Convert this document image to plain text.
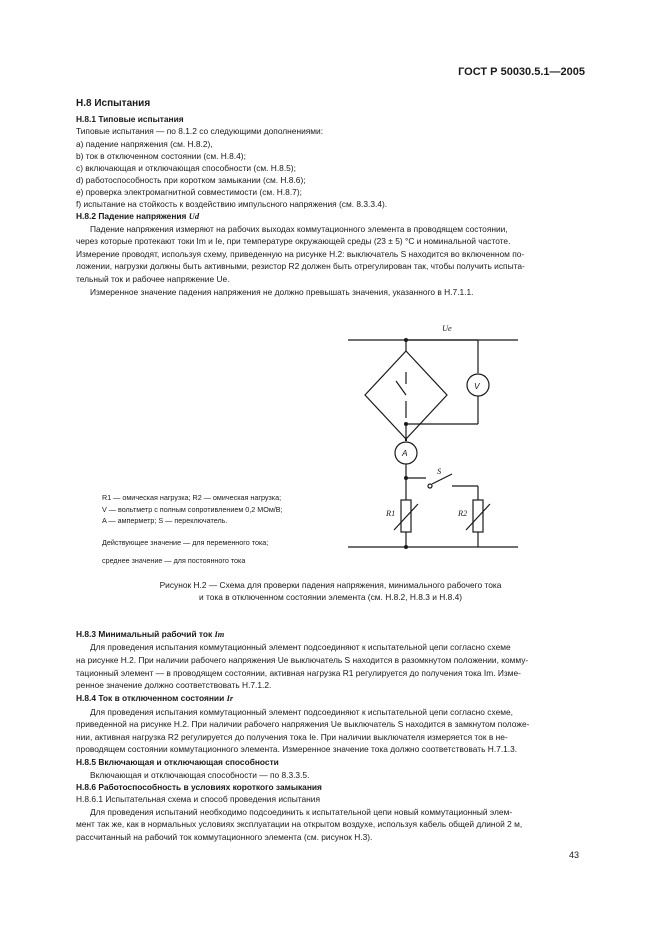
ГОСТ Р 50030.5.1—2005
Н.8 Испытания
Н.8.1 Типовые испытания
Типовые испытания — по 8.1.2 со следующими дополнениями:
a) падение напряжения (см. Н.8.2),
b) ток в отключенном состоянии (см. Н.8.4);
c) включающая и отключающая способности (см. Н.8.5);
d) работоспособность при коротком замыкании (см. Н.8.6);
e) проверка электромагнитной совместимости (см. Н.8.7);
f) испытание на стойкость к воздействию импульсного напряжения (см. 8.3.3.4).
Н.8.2 Падение напряжения Ud
Падение напряжения измеряют на рабочих выходах коммутационного элемента в проводящем состоянии,
через которые протекают токи Im и Ie, при температуре окружающей среды (23 ± 5) °С и номинальной частоте.
Измерение проводят, используя схему, приведенную на рисунке Н.2: выключатель S находится во включенном по-
ложении, нагрузки должны быть активными, резистор R2 должен быть отрегулирован так, чтобы получить испыта-
тельный ток и рабочее напряжение Ue.
Измеренное значение падения напряжения не должно превышать значения, указанного в Н.7.1.1.
Ue
V
A
S
R1	R2
R1 — омическая нагрузка; R2 — омическая нагрузка;
V — вольтметр с полным сопротивлением 0,2 МОм/В;
A — амперметр; S — переключатель.
Действующее значение — для переменного тока;
среднее значение — для постоянного тока
Рисунок Н.2 — Схема для проверки падения напряжения, минимального рабочего тока
и тока в отключенном состоянии элемента (см. Н.8.2, Н.8.3 и Н.8.4)
Н.8.3 Минимальный рабочий ток Im
Для проведения испытания коммутационный элемент подсоединяют к испытательной цепи согласно схеме
на рисунке Н.2. При наличии рабочего напряжения Ue выключатель S находится в разомкнутом положении, комму-
тационный элемент — в проводящем состоянии, активная нагрузка R1 регулируется до получения тока Im. Изме-
ренное значение должно соответствовать Н.7.1.2.
Н.8.4 Ток в отключенном состоянии Ir
Для проведения испытания коммутационный элемент подсоединяют к испытательной цепи согласно схеме,
приведенной на рисунке Н.2. При наличии рабочего напряжения Ue выключатель S находится в замкнутом положе-
нии, активная нагрузка R2 регулируется до получения тока Ie. При наличии выключателя измеряется ток в не-
проводящем состоянии коммутационного элемента. Измеренное значение тока должно соответствовать Н.7.1.3.
Н.8.5 Включающая и отключающая способности
Включающая и отключающая способности — по 8.3.3.5.
Н.8.6 Работоспособность в условиях короткого замыкания
Н.8.6.1 Испытательная схема и способ проведения испытания
Для проведения испытаний необходимо подсоединить к испытательной цепи новый коммутационный элем-
мент так же, как в нормальных условиях эксплуатации на открытом воздухе, используя кабель общей длиной 2 м,
рассчитанный на рабочий ток коммутационного элемента (см. рисунок Н.3).
43
